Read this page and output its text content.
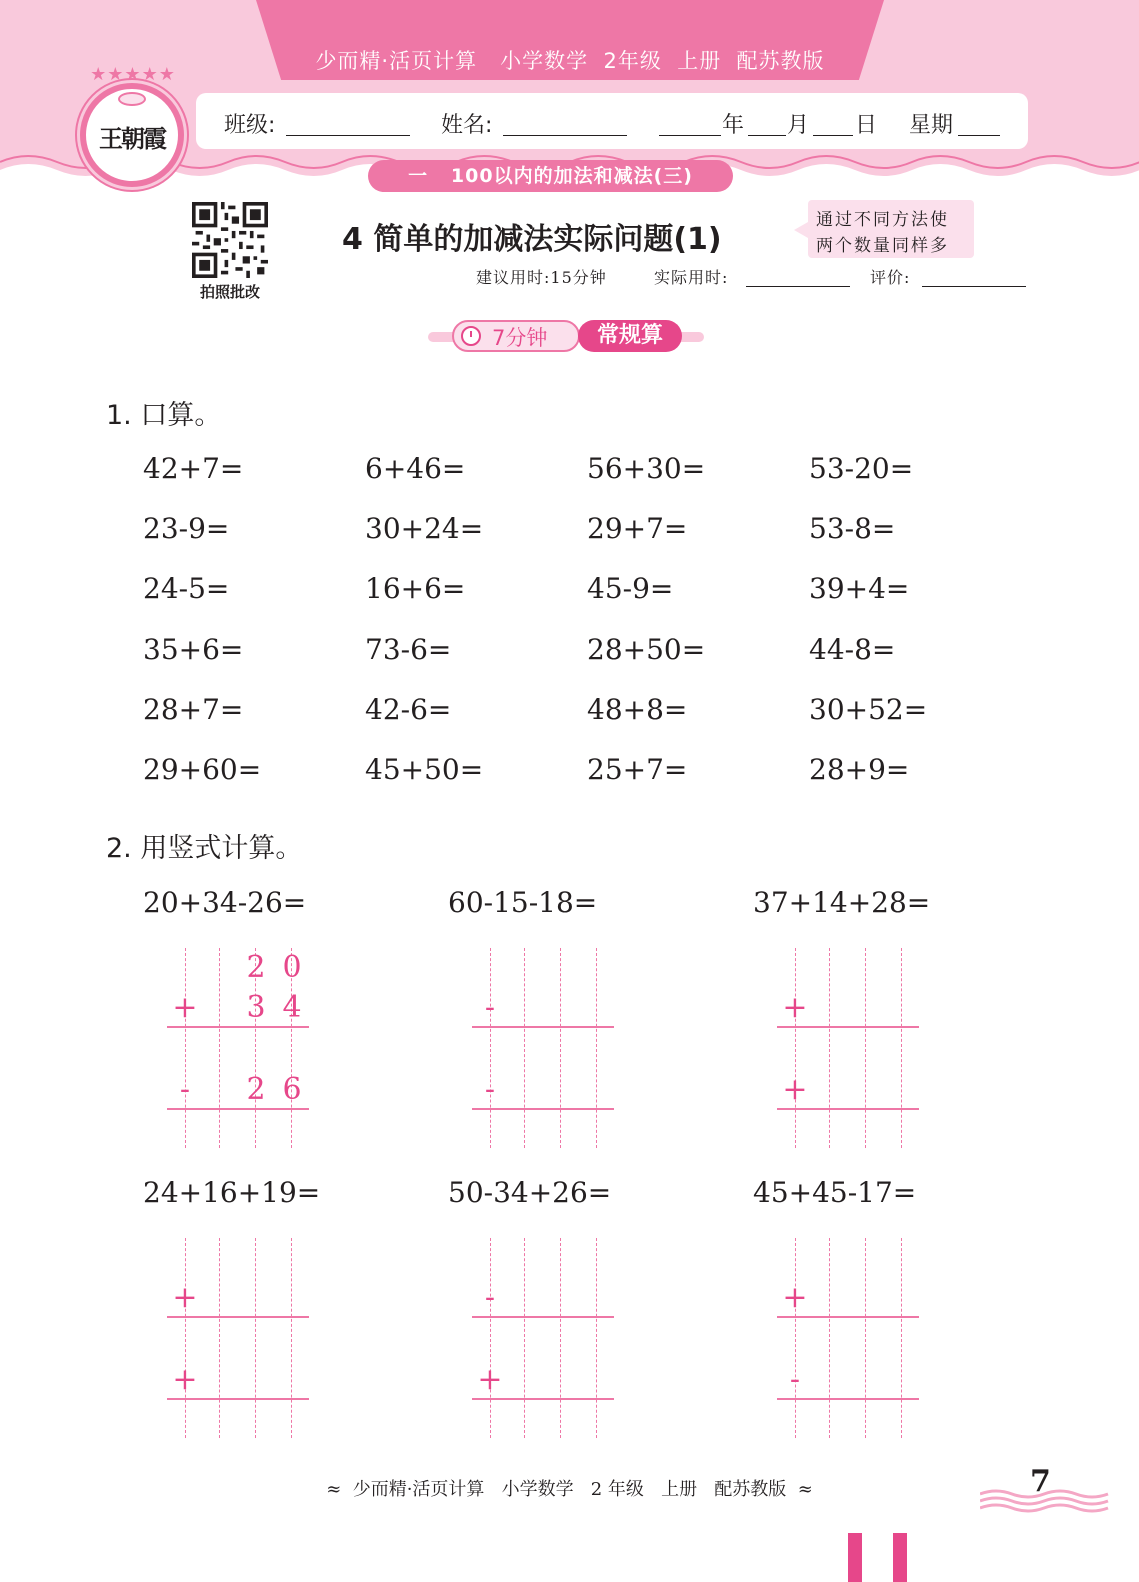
少而精·活页计算   小学数学  2年级  上册  配苏教版
王朝霞
★★★★★
班级:	姓名:	年 月 日 星期
一   100以内的加法和减法(三)
拍照批改
4 简单的加减法实际问题(1)
通过不同方法使
两个数量同样多
建议用时:15分钟	实际用时:	评价:
7分钟	常规算
1. 口算。
42+7=	6+46=	56+30=	53-20=
23-9=	30+24=	29+7=	53-8=
24-5=	16+6=	45-9=	39+4=
35+6=	73-6=	28+50=	44-8=
28+7=	42-6=	48+8=	30+52=
29+60=	45+50=	25+7=	28+9=
2. 用竖式计算。
20+34-26=
2 0
+ 3 4
-	2 6
60-15-18=
-
-
37+14+28=
+
+
24+16+19=
+
+
50-34+26=
-
+
45+45-17=
+
-
≈  少而精·活页计算   小学数学   2 年级   上册   配苏教版  ≈	7
